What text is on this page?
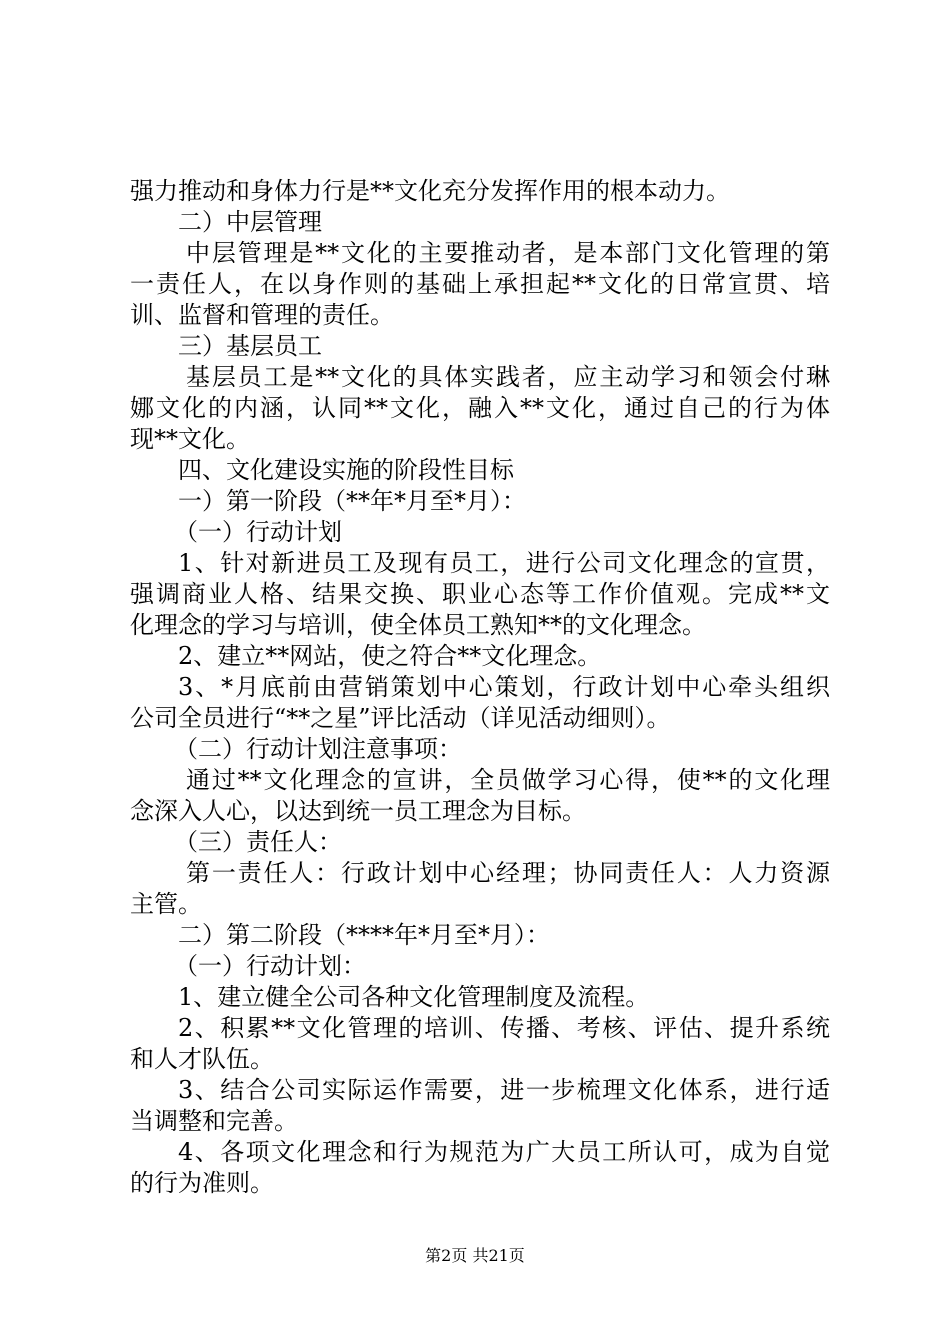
强力推动和身体力行是**文化充分发挥作用的根本动力。
二）中层管理
中层管理是**文化的主要推动者，是本部门文化管理的第
一责任人，在以身作则的基础上承担起**文化的日常宣贯、培
训、监督和管理的责任。
三）基层员工
基层员工是**文化的具体实践者，应主动学习和领会付琳
娜文化的内涵，认同**文化，融入**文化，通过自己的行为体
现**文化。
四、文化建设实施的阶段性目标
一）第一阶段（**年*月至*月）：
（一）行动计划
1、针对新进员工及现有员工，进行公司文化理念的宣贯，
强调商业人格、结果交换、职业心态等工作价值观。完成**文
化理念的学习与培训，使全体员工熟知**的文化理念。
2、建立**网站，使之符合**文化理念。
3、*月底前由营销策划中心策划，行政计划中心牵头组织
公司全员进行“**之星”评比活动（详见活动细则）。
（二）行动计划注意事项：
通过**文化理念的宣讲，全员做学习心得，使**的文化理
念深入人心，以达到统一员工理念为目标。
（三）责任人：
第一责任人：行政计划中心经理；协同责任人：人力资源
主管。
二）第二阶段（****年*月至*月）：
（一）行动计划：
1、建立健全公司各种文化管理制度及流程。
2、积累**文化管理的培训、传播、考核、评估、提升系统
和人才队伍。
3、结合公司实际运作需要，进一步梳理文化体系，进行适
当调整和完善。
4、各项文化理念和行为规范为广大员工所认可，成为自觉
的行为准则。
第2页 共21页
